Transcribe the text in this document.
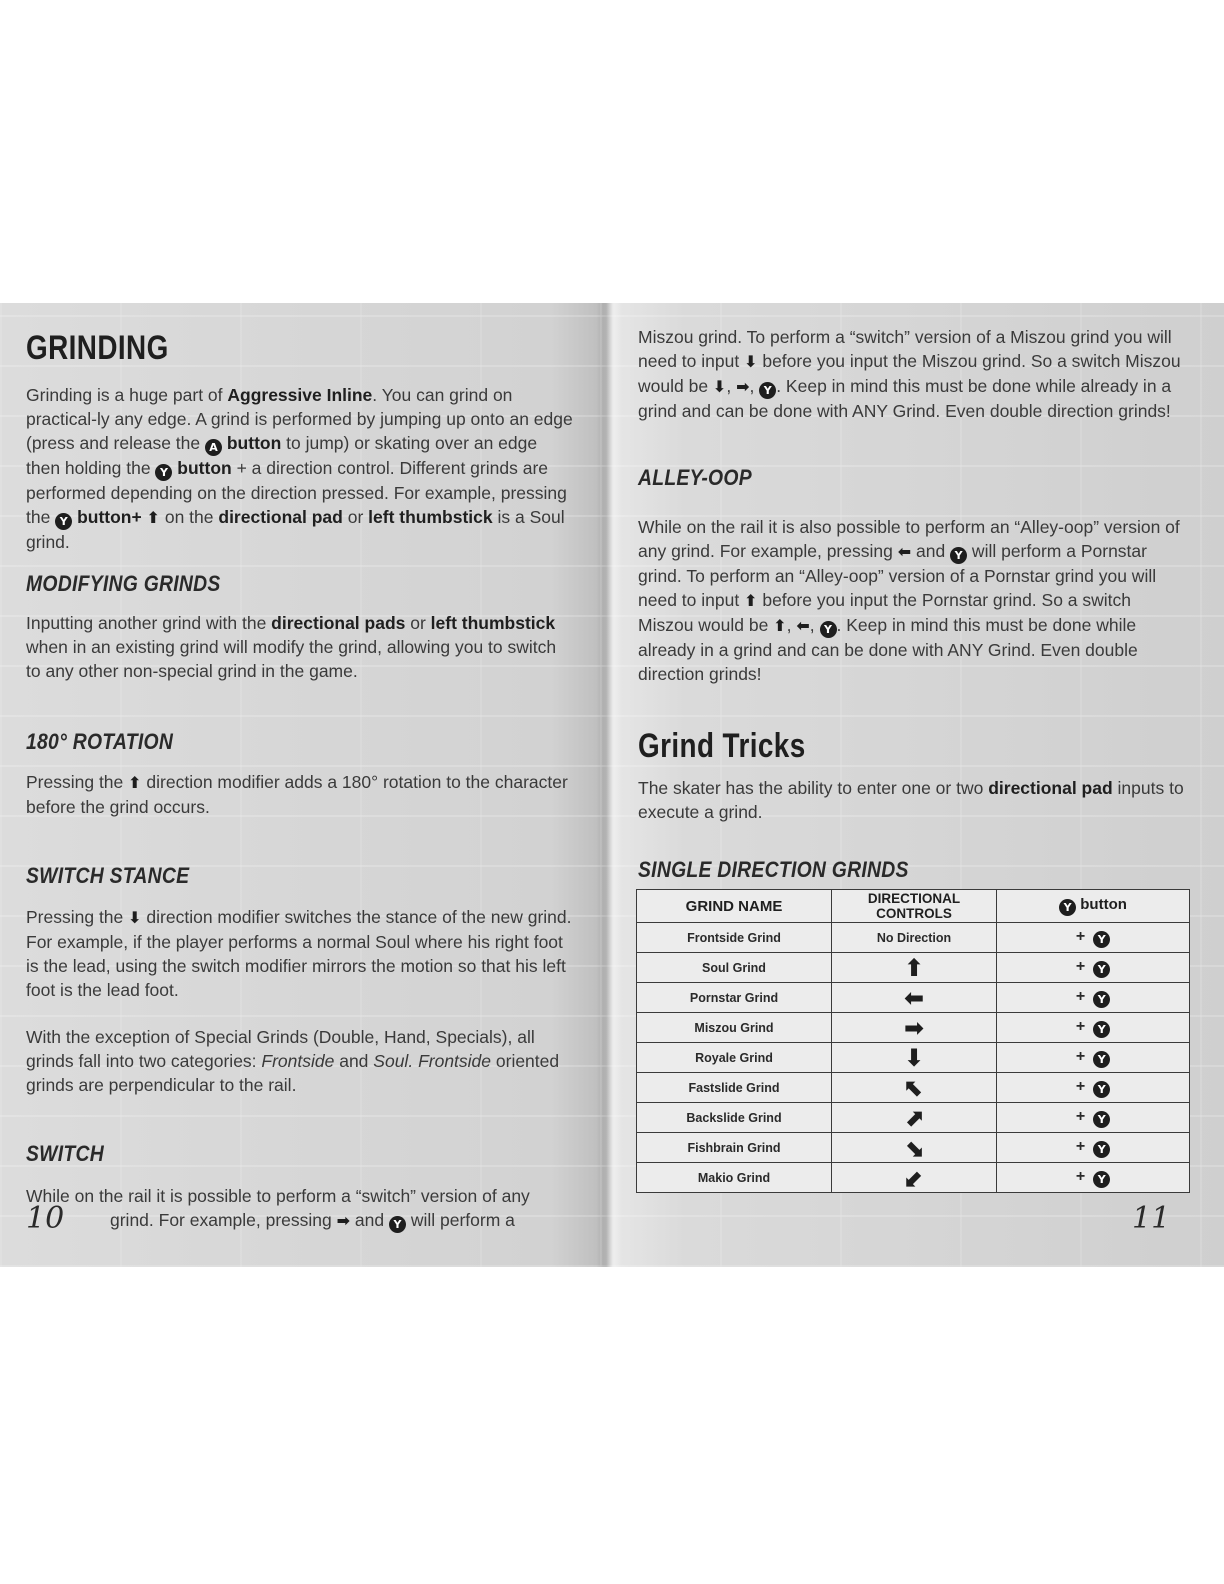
GRINDING
Grinding is a huge part of Aggressive Inline. You can grind on practical-ly any edge. A grind is performed by jumping up onto an edge (press and release the A button to jump) or skating over an edge then holding the Y button + a direction control. Different grinds are performed depending on the direction pressed. For example, pressing the Y button+ ⬆ on the directional pad or left thumbstick is a Soul grind.
MODIFYING GRINDS
Inputting another grind with the directional pads or left thumbstick when in an existing grind will modify the grind, allowing you to switch to any other non-special grind in the game.
180° ROTATION
Pressing the ⬆ direction modifier adds a 180° rotation to the character before the grind occurs.
SWITCH STANCE
Pressing the ⬇ direction modifier switches the stance of the new grind. For example, if the player performs a normal Soul where his right foot is the lead, using the switch modifier mirrors the motion so that his left foot is the lead foot.
With the exception of Special Grinds (Double, Hand, Specials), all grinds fall into two categories: Frontside and Soul. Frontside oriented grinds are perpendicular to the rail.
SWITCH
While on the rail it is possible to perform a “switch” version of any
grind. For example, pressing ➡ and Y will perform a
10
Miszou grind. To perform a “switch” version of a Miszou grind you will need to input ⬇ before you input the Miszou grind. So a switch Miszou would be ⬇, ➡, Y . Keep in mind this must be done while already in a grind and can be done with ANY Grind. Even double direction grinds!
ALLEY-OOP
While on the rail it is also possible to perform an “Alley-oop” version of any grind. For example, pressing ⬅ and Y will perform a Pornstar grind. To perform an “Alley-oop” version of a Pornstar grind you will need to input ⬆ before you input the Pornstar grind. So a switch Miszou would be ⬆, ⬅, Y . Keep in mind this must be done while already in a grind and can be done with ANY Grind. Even double direction grinds!
Grind Tricks
The skater has the ability to enter one or two directional pad inputs to execute a grind.
SINGLE DIRECTION GRINDS
11
GRIND NAME	DIRECTIONAL CONTROLS	Y button
Frontside Grind	No Direction	+ Y
Soul Grind	⬆	+ Y
Pornstar Grind	⬅	+ Y
Miszou Grind	➡	+ Y
Royale Grind	⬇	+ Y
Fastslide Grind	⬉	+ Y
Backslide Grind	⬈	+ Y
Fishbrain Grind	⬊	+ Y
Makio Grind	⬋	+ Y
